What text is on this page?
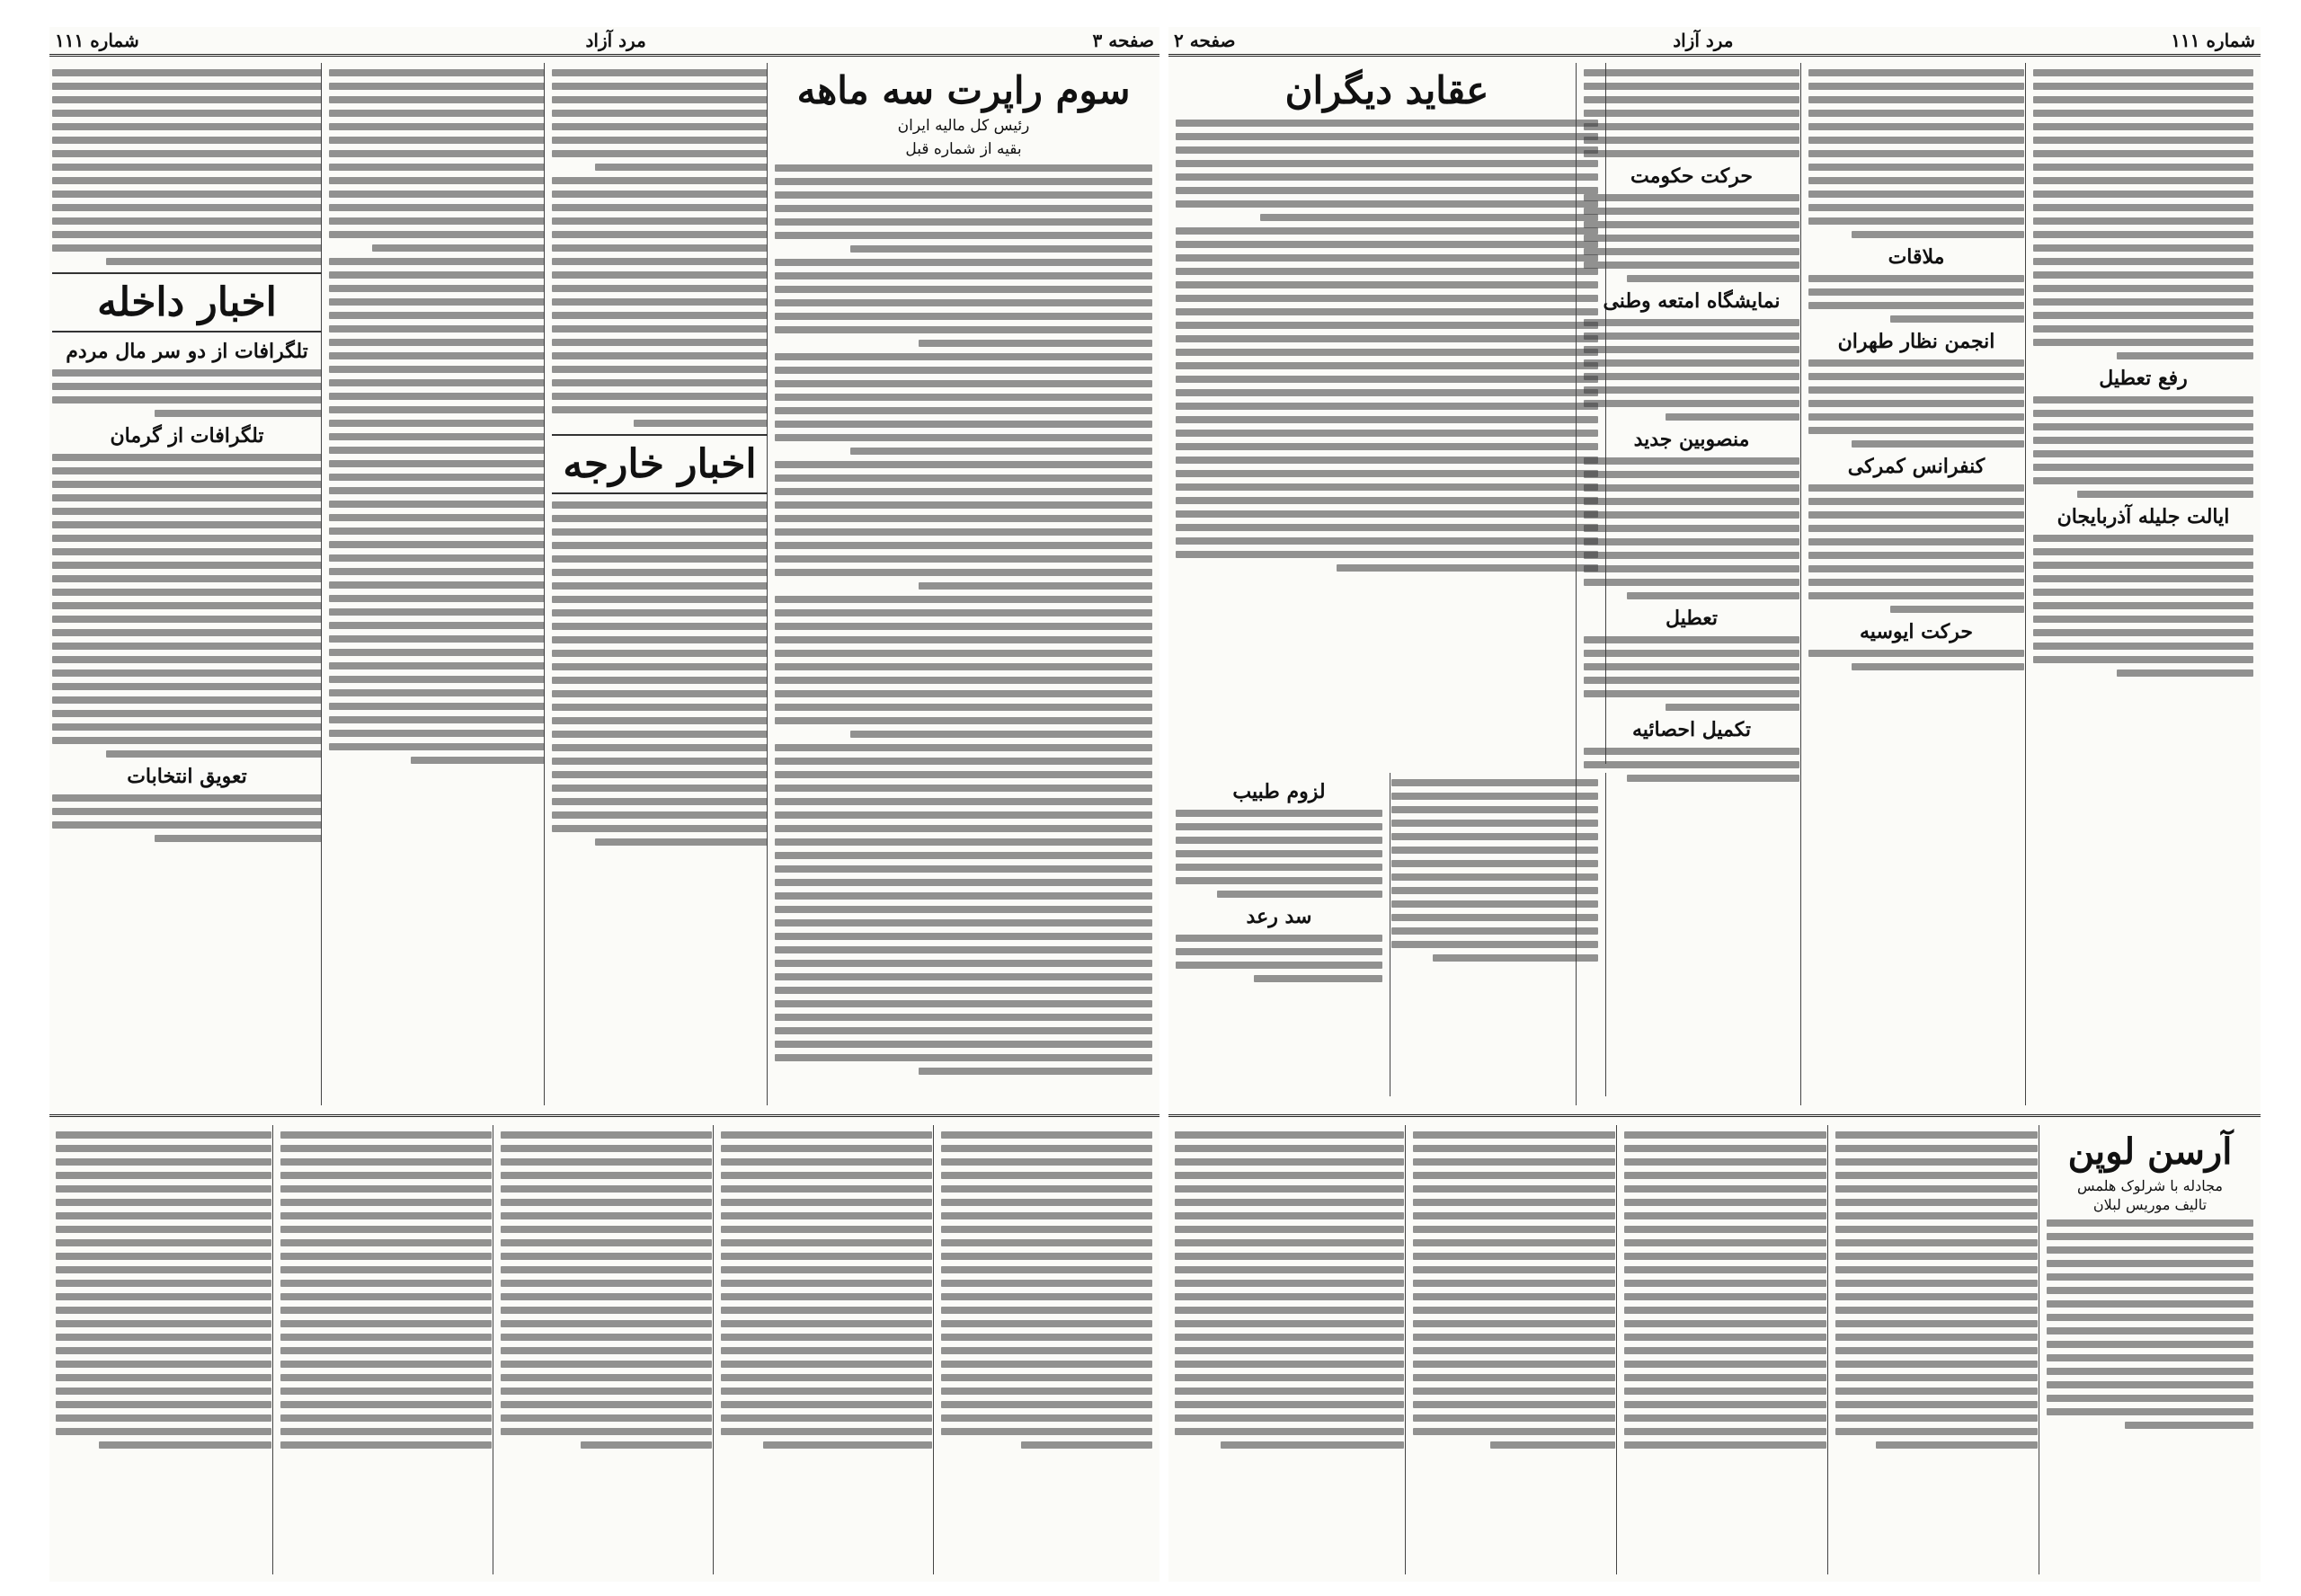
صفحه ۳
مرد آزاد
شماره ۱۱۱
سوم راپرت سه ماهه
رئیس کل مالیه ایران
بقیه از شماره قبل
اخبار خارجه
اخبار داخله
تلگرافات از دو سر مال مردم
تلگرافات از گرمان
تعویق انتخابات
شماره ۱۱۱
مرد آزاد
صفحه ۲
عقاید دیگران
حرکت حکومت
نمایشگاه امتعه وطنی
منصوبین جدید
تعطیل
تکمیل احصائیه
ملاقات
انجمن نظار طهران
کنفرانس کمرکی
حرکت ایوسیه
رفع تعطیل
ایالت جلیله آذربایجان
لزوم طبیب
سد رعد
آرسن لوپن
مجادله با شرلوک هلمس
تالیف موریس لبلان
